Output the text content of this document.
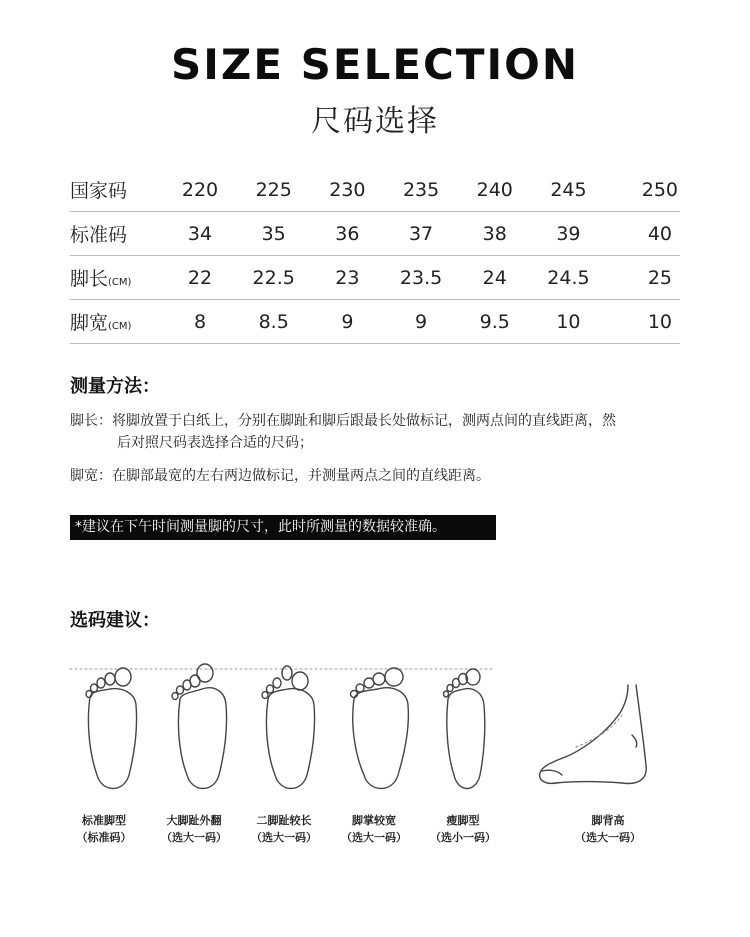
SIZE SELECTION
尺码选择
国家码	220	225	230	235	240	245	250
标准码	34	35	36	37	38	39	40
脚长(CM)	22	22.5	23	23.5	24	24.5	25
脚宽(CM)	8	8.5	9	9	9.5	10	10
测量方法：
脚长：将脚放置于白纸上，分别在脚趾和脚后跟最长处做标记，测两点间的直线距离，然
后对照尺码表选择合适的尺码；
脚宽：在脚部最宽的左右两边做标记，并测量两点之间的直线距离。
*建议在下午时间测量脚的尺寸，此时所测量的数据较准确。
选码建议：
标准脚型
（标准码）
大脚趾外翻
（选大一码）
二脚趾较长
（选大一码）
脚掌较宽
（选大一码）
瘦脚型
（选小一码）
脚背高
（选大一码）
